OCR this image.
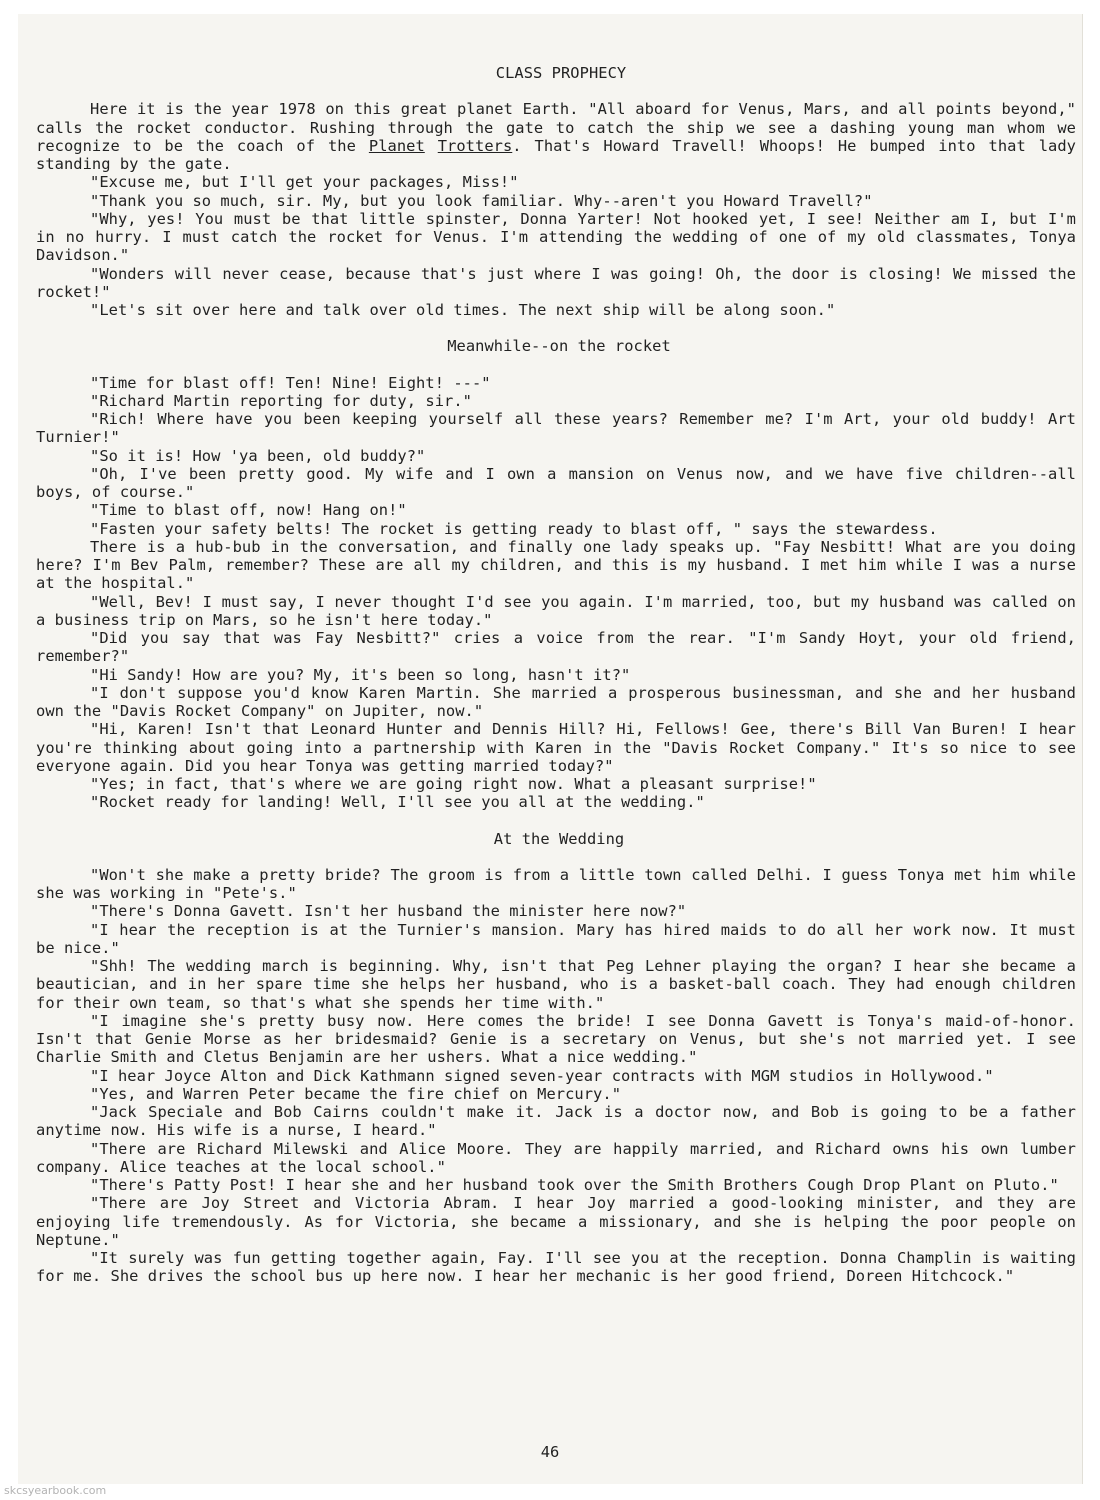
CLASS PROPHECY

Here it is the year 1978 on this great planet Earth. "All aboard for Venus, Mars, and all points beyond," calls the rocket conductor. Rushing through the gate to catch the ship we see a dashing young man whom we recognize to be the coach of the Planet Trotters. That's Howard Travell! Whoops! He bumped into that lady standing by the gate.

"Excuse me, but I'll get your packages, Miss!"

"Thank you so much, sir. My, but you look familiar. Why--aren't you Howard Travell?"

"Why, yes! You must be that little spinster, Donna Yarter! Not hooked yet, I see! Neither am I, but I'm in no hurry. I must catch the rocket for Venus. I'm attending the wedding of one of my old classmates, Tonya Davidson."

"Wonders will never cease, because that's just where I was going! Oh, the door is closing! We missed the rocket!"

"Let's sit over here and talk over old times. The next ship will be along soon."

Meanwhile--on the rocket

"Time for blast off! Ten! Nine! Eight! ---"

"Richard Martin reporting for duty, sir."

"Rich! Where have you been keeping yourself all these years? Remember me? I'm Art, your old buddy! Art Turnier!"

"So it is! How 'ya been, old buddy?"

"Oh, I've been pretty good. My wife and I own a mansion on Venus now, and we have five children--all boys, of course."

"Time to blast off, now! Hang on!"

"Fasten your safety belts! The rocket is getting ready to blast off, " says the stewardess.

There is a hub-bub in the conversation, and finally one lady speaks up. "Fay Nesbitt! What are you doing here? I'm Bev Palm, remember? These are all my children, and this is my husband. I met him while I was a nurse at the hospital."

"Well, Bev! I must say, I never thought I'd see you again. I'm married, too, but my husband was called on a business trip on Mars, so he isn't here today."

"Did you say that was Fay Nesbitt?" cries a voice from the rear. "I'm Sandy Hoyt, your old friend, remember?"

"Hi Sandy! How are you? My, it's been so long, hasn't it?"

"I don't suppose you'd know Karen Martin. She married a prosperous businessman, and she and her husband own the "Davis Rocket Company" on Jupiter, now."

"Hi, Karen! Isn't that Leonard Hunter and Dennis Hill? Hi, Fellows! Gee, there's Bill Van Buren! I hear you're thinking about going into a partnership with Karen in the "Davis Rocket Company." It's so nice to see everyone again. Did you hear Tonya was getting married today?"

"Yes; in fact, that's where we are going right now. What a pleasant surprise!"

"Rocket ready for landing! Well, I'll see you all at the wedding."

At the Wedding

"Won't she make a pretty bride? The groom is from a little town called Delhi. I guess Tonya met him while she was working in "Pete's."

"There's Donna Gavett. Isn't her husband the minister here now?"

"I hear the reception is at the Turnier's mansion. Mary has hired maids to do all her work now. It must be nice."

"Shh! The wedding march is beginning. Why, isn't that Peg Lehner playing the organ? I hear she became a beautician, and in her spare time she helps her husband, who is a basket-ball coach. They had enough children for their own team, so that's what she spends her time with."

"I imagine she's pretty busy now. Here comes the bride! I see Donna Gavett is Tonya's maid-of-honor. Isn't that Genie Morse as her bridesmaid? Genie is a secretary on Venus, but she's not married yet. I see Charlie Smith and Cletus Benjamin are her ushers. What a nice wedding."

"I hear Joyce Alton and Dick Kathmann signed seven-year contracts with MGM studios in Hollywood."

"Yes, and Warren Peter became the fire chief on Mercury."

"Jack Speciale and Bob Cairns couldn't make it. Jack is a doctor now, and Bob is going to be a father anytime now. His wife is a nurse, I heard."

"There are Richard Milewski and Alice Moore. They are happily married, and Richard owns his own lumber company. Alice teaches at the local school."

"There's Patty Post! I hear she and her husband took over the Smith Brothers Cough Drop Plant on Pluto."

"There are Joy Street and Victoria Abram. I hear Joy married a good-looking minister, and they are enjoying life tremendously. As for Victoria, she became a missionary, and she is helping the poor people on Neptune."

"It surely was fun getting together again, Fay. I'll see you at the reception. Donna Champlin is waiting for me. She drives the school bus up here now. I hear her mechanic is her good friend, Doreen Hitchcock."

46
skcsyearbook.com
